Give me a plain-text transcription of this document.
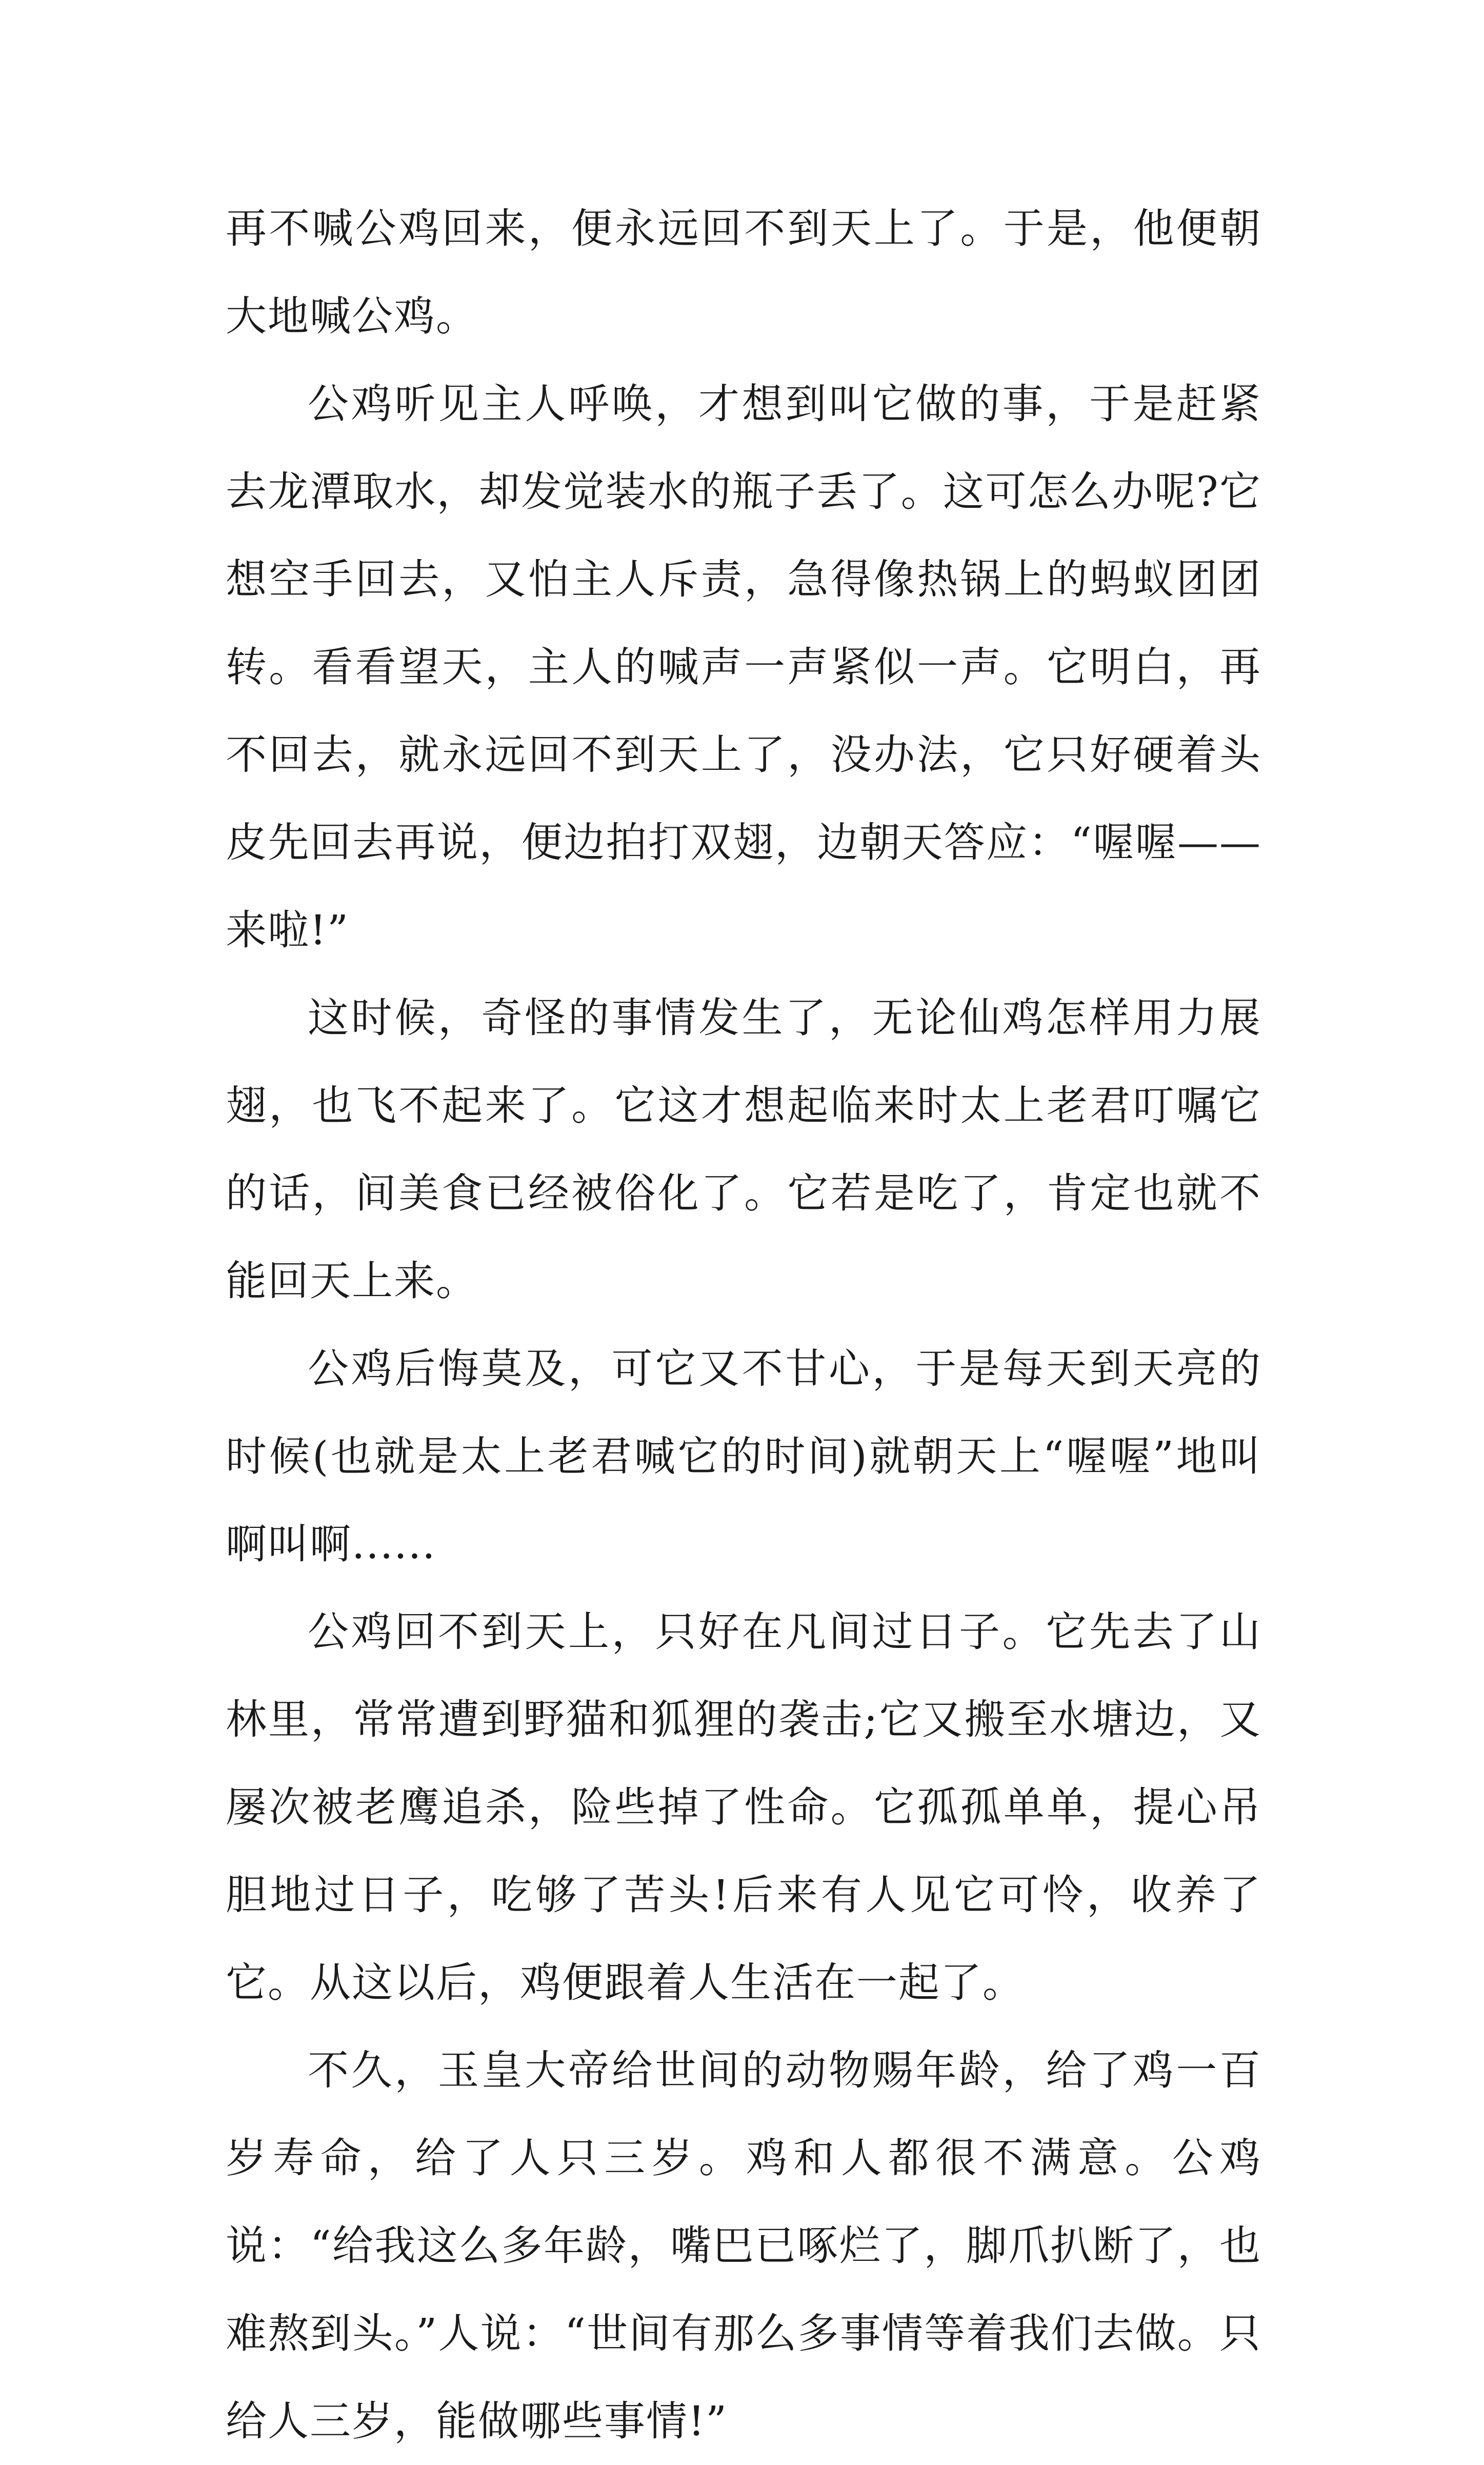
再不喊公鸡回来，便永远回不到天上了。于是，他便朝大地喊公鸡。

公鸡听见主人呼唤，才想到叫它做的事，于是赶紧去龙潭取水，却发觉装水的瓶子丢了。这可怎么办呢?它想空手回去，又怕主人斥责，急得像热锅上的蚂蚁团团转。看看望天，主人的喊声一声紧似一声。它明白，再不回去，就永远回不到天上了，没办法，它只好硬着头皮先回去再说，便边拍打双翅，边朝天答应：“喔喔——来啦!”

这时候，奇怪的事情发生了，无论仙鸡怎样用力展翅，也飞不起来了。它这才想起临来时太上老君叮嘱它的话，间美食已经被俗化了。它若是吃了，肯定也就不能回天上来。

公鸡后悔莫及，可它又不甘心，于是每天到天亮的时候(也就是太上老君喊它的时间)就朝天上“喔喔”地叫啊叫啊......

公鸡回不到天上，只好在凡间过日子。它先去了山林里，常常遭到野猫和狐狸的袭击;它又搬至水塘边，又屡次被老鹰追杀，险些掉了性命。它孤孤单单，提心吊胆地过日子，吃够了苦头!后来有人见它可怜，收养了它。从这以后，鸡便跟着人生活在一起了。

不久，玉皇大帝给世间的动物赐年龄，给了鸡一百岁寿命，给了人只三岁。鸡和人都很不满意。公鸡说：“给我这么多年龄，嘴巴已啄烂了，脚爪扒断了，也难熬到头。”人说：“世间有那么多事情等着我们去做。只给人三岁，能做哪些事情!”
